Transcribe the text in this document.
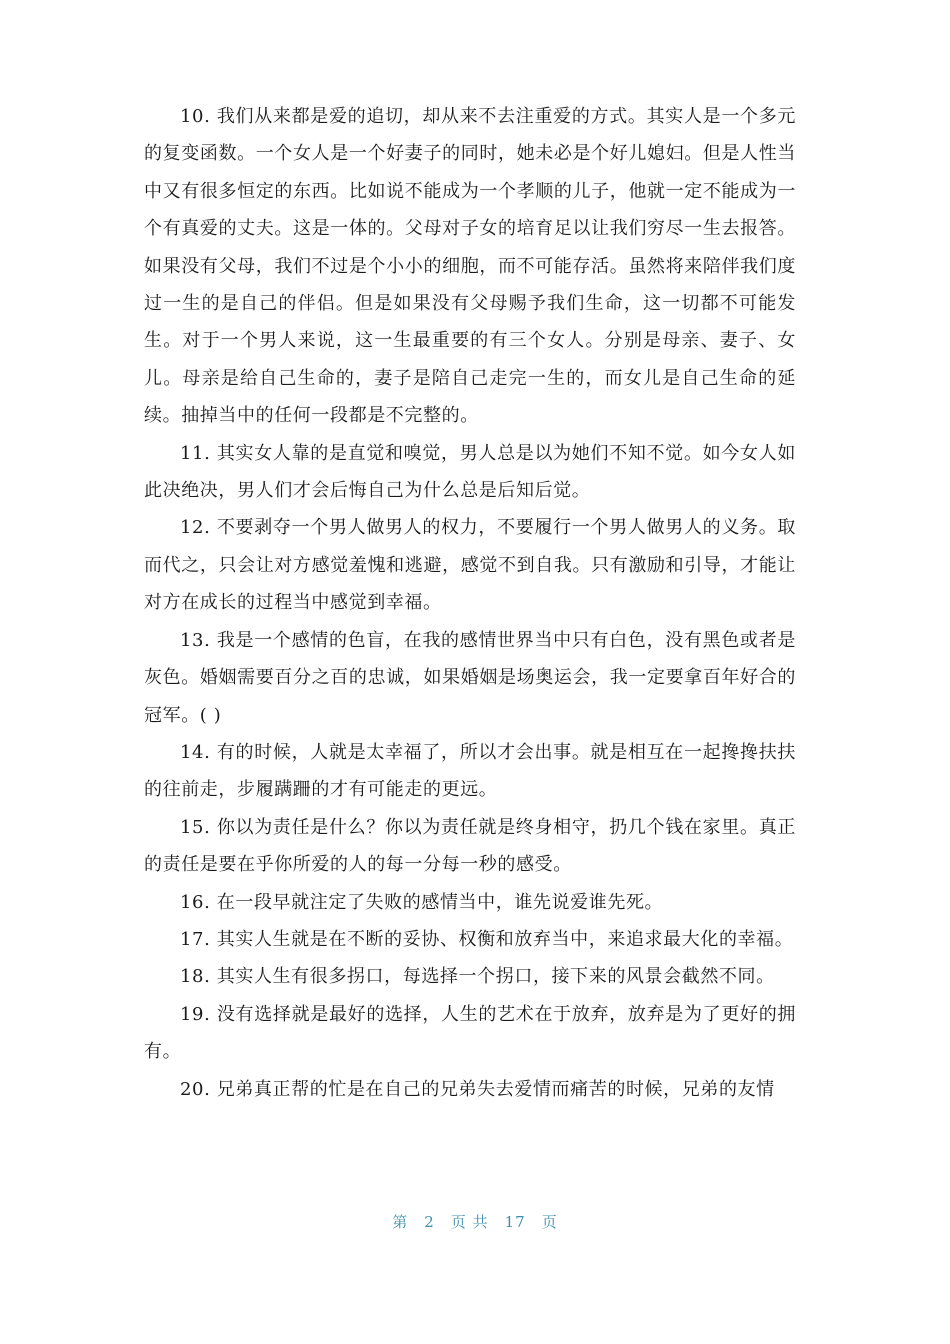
10. 我们从来都是爱的追切，却从来不去注重爱的方式。其实人是一个多元的复变函数。一个女人是一个好妻子的同时，她未必是个好儿媳妇。但是人性当中又有很多恒定的东西。比如说不能成为一个孝顺的儿子，他就一定不能成为一个有真爱的丈夫。这是一体的。父母对子女的培育足以让我们穷尽一生去报答。如果没有父母，我们不过是个小小的细胞，而不可能存活。虽然将来陪伴我们度过一生的是自己的伴侣。但是如果没有父母赐予我们生命，这一切都不可能发生。对于一个男人来说，这一生最重要的有三个女人。分别是母亲、妻子、女儿。母亲是给自己生命的，妻子是陪自己走完一生的，而女儿是自己生命的延续。抽掉当中的任何一段都是不完整的。

11. 其实女人靠的是直觉和嗅觉，男人总是以为她们不知不觉。如今女人如此决绝决，男人们才会后悔自己为什么总是后知后觉。

12. 不要剥夺一个男人做男人的权力，不要履行一个男人做男人的义务。取而代之，只会让对方感觉羞愧和逃避，感觉不到自我。只有激励和引导，才能让对方在成长的过程当中感觉到幸福。

13. 我是一个感情的色盲，在我的感情世界当中只有白色，没有黑色或者是灰色。婚姻需要百分之百的忠诚，如果婚姻是场奥运会，我一定要拿百年好合的冠军。( )

14. 有的时候，人就是太幸福了，所以才会出事。就是相互在一起搀搀扶扶的往前走，步履蹒跚的才有可能走的更远。

15. 你以为责任是什么？你以为责任就是终身相守，扔几个钱在家里。真正的责任是要在乎你所爱的人的每一分每一秒的感受。

16. 在一段早就注定了失败的感情当中，谁先说爱谁先死。

17. 其实人生就是在不断的妥协、权衡和放弃当中，来追求最大化的幸福。

18. 其实人生有很多拐口，每选择一个拐口，接下来的风景会截然不同。

19. 没有选择就是最好的选择，人生的艺术在于放弃，放弃是为了更好的拥有。

20. 兄弟真正帮的忙是在自己的兄弟失去爱情而痛苦的时候，兄弟的友情

第 2 页 共 17 页
